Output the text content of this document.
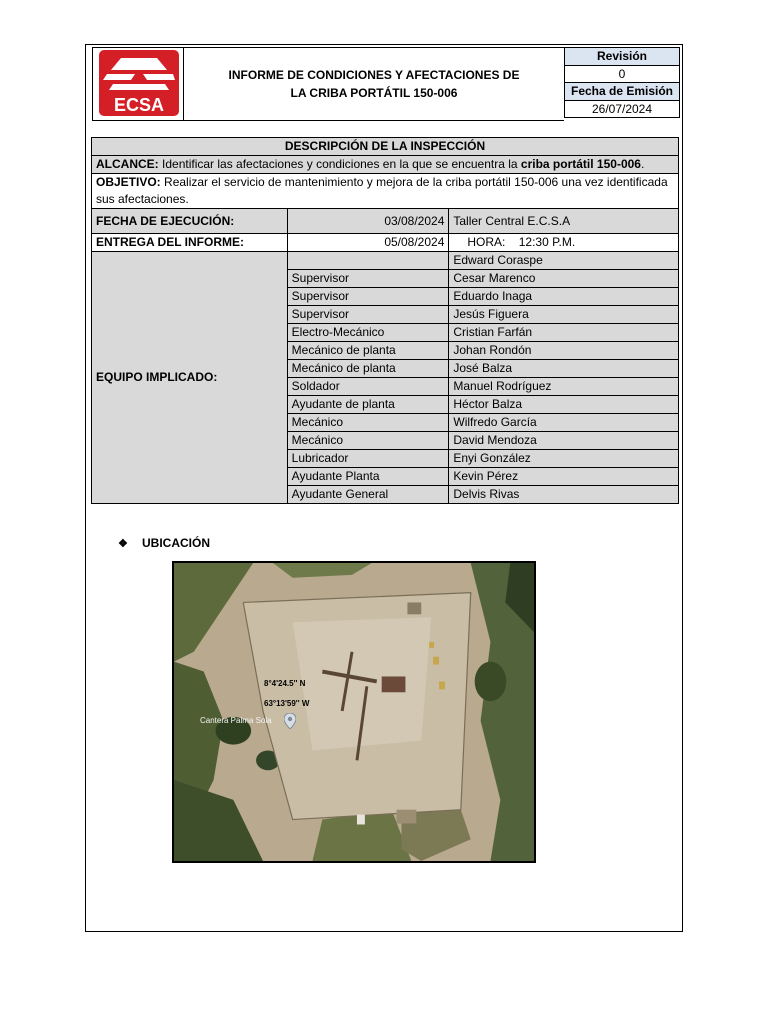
ECSA
INFORME DE CONDICIONES Y AFECTACIONES DE LA CRIBA PORTÁTIL 150-006
Revisión
0
Fecha de Emisión
26/07/2024
DESCRIPCIÓN DE LA INSPECCIÓN		
ALCANCE: Identificar las afectaciones y condiciones en la que se encuentra la criba portátil 150-006.		
OBJETIVO: Realizar el servicio de mantenimiento y mejora de la criba portátil 150-006 una vez identificada sus afectaciones.		
FECHA DE EJECUCIÓN:	03/08/2024	Taller Central E.C.S.A
ENTREGA DEL INFORME:	05/08/2024	HORA: 12:30 P.M.
EQUIPO IMPLICADO:		Edward Coraspe
	Supervisor	Cesar Marenco
	Supervisor	Eduardo Inaga
	Supervisor	Jesús Figuera
	Electro-Mecánico	Cristian Farfán
	Mecánico de planta	Johan Rondón
	Mecánico de planta	José Balza
	Soldador	Manuel Rodríguez
	Ayudante de planta	Héctor Balza
	Mecánico	Wilfredo García
	Mecánico	David Mendoza
	Lubricador	Enyi González
	Ayudante Planta	Kevin Pérez
	Ayudante General	Delvis Rivas
❖ UBICACIÓN
8°4'24.5'' N
63°13'59'' W
Cantera Palma Sola
